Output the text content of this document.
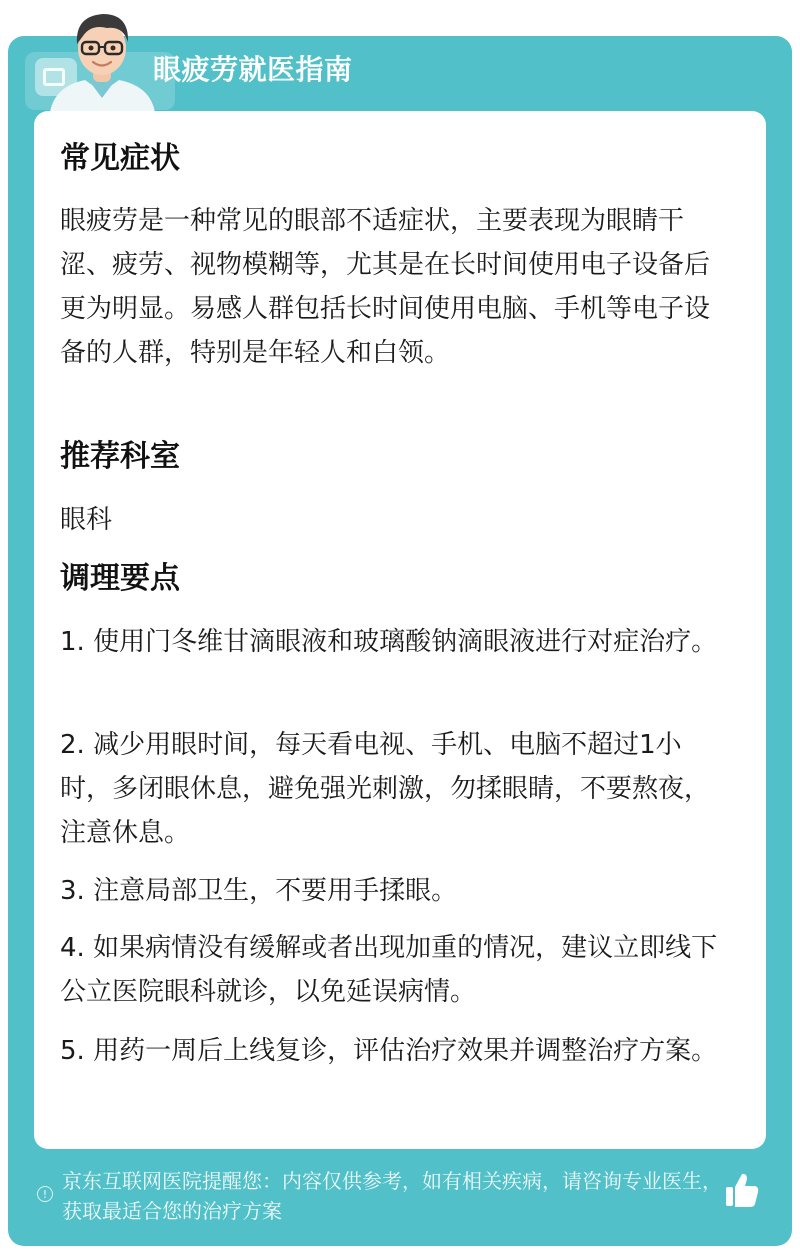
眼疲劳就医指南
常见症状

眼疲劳是一种常见的眼部不适症状，主要表现为眼睛干涩、疲劳、视物模糊等，尤其是在长时间使用电子设备后更为明显。易感人群包括长时间使用电脑、手机等电子设备的人群，特别是年轻人和白领。

推荐科室

眼科

调理要点

1. 使用门冬维甘滴眼液和玻璃酸钠滴眼液进行对症治疗。

2. 减少用眼时间，每天看电视、手机、电脑不超过1小时，多闭眼休息，避免强光刺激，勿揉眼睛，不要熬夜，注意休息。

3. 注意局部卫生，不要用手揉眼。

4. 如果病情没有缓解或者出现加重的情况，建议立即线下公立医院眼科就诊，以免延误病情。

5. 用药一周后上线复诊，评估治疗效果并调整治疗方案。

!

京东互联网医院提醒您：内容仅供参考，如有相关疾病，请咨询专业医生，获取最适合您的治疗方案
